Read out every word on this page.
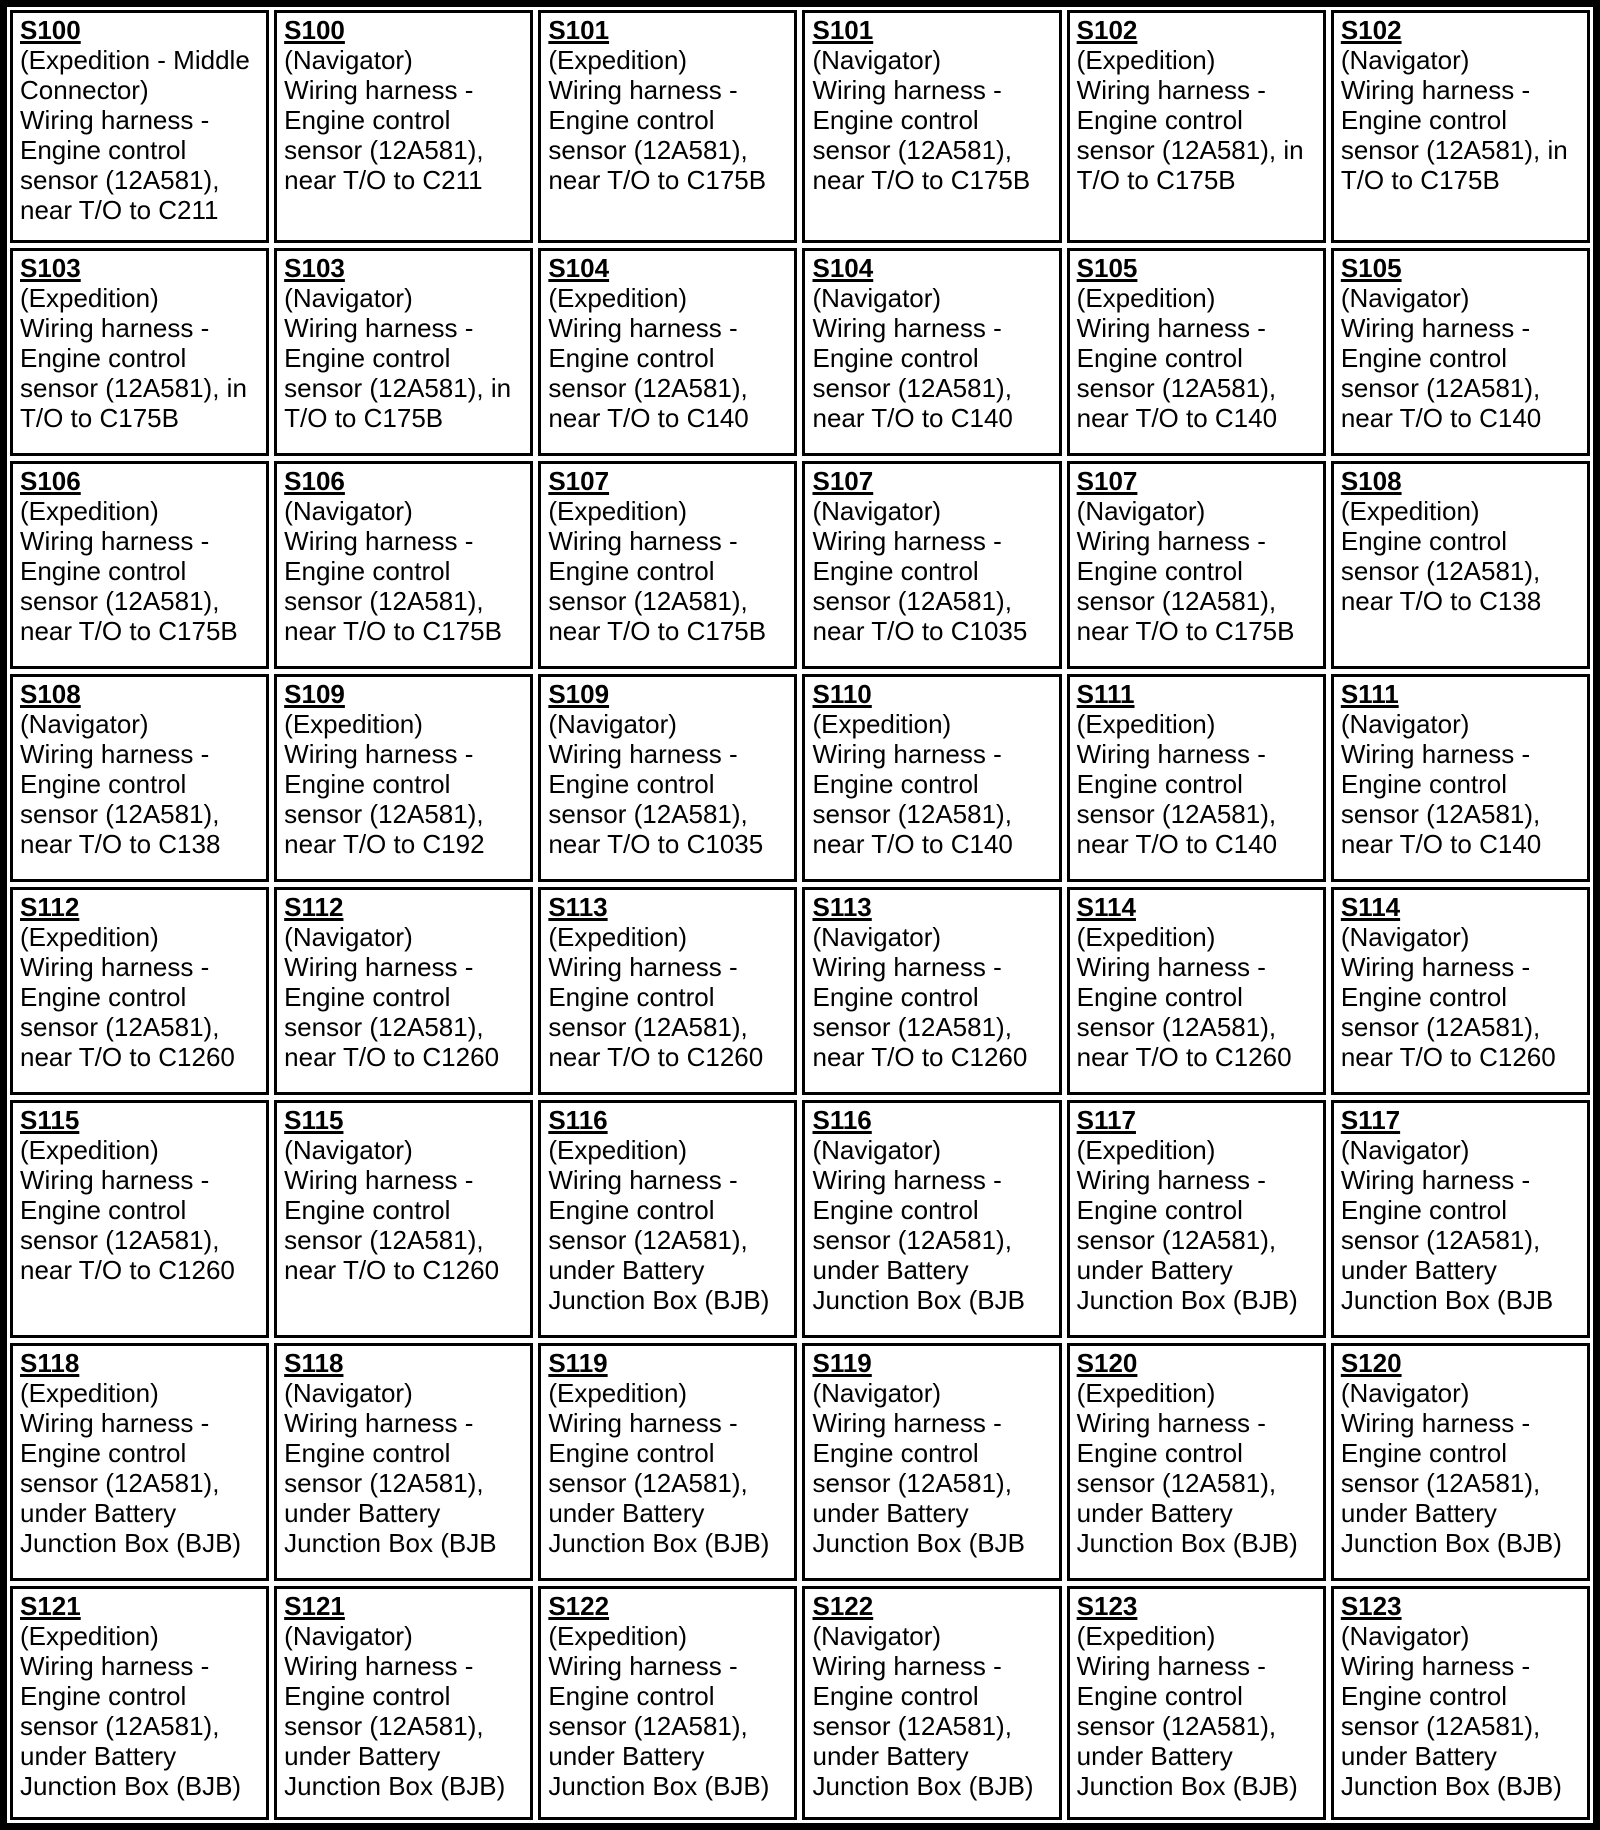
S100
(Expedition - Middle Connector)
Wiring harness - Engine control sensor (12A581), near T/O to C211
S100
(Navigator)
Wiring harness - Engine control sensor (12A581), near T/O to C211
S101
(Expedition)
Wiring harness - Engine control sensor (12A581), near T/O to C175B
S101
(Navigator)
Wiring harness - Engine control sensor (12A581), near T/O to C175B
S102
(Expedition)
Wiring harness - Engine control sensor (12A581), in T/O to C175B
S102
(Navigator)
Wiring harness - Engine control sensor (12A581), in T/O to C175B
S103
(Expedition)
Wiring harness - Engine control sensor (12A581), in T/O to C175B
S103
(Navigator)
Wiring harness - Engine control sensor (12A581), in T/O to C175B
S104
(Expedition)
Wiring harness - Engine control sensor (12A581), near T/O to C140
S104
(Navigator)
Wiring harness - Engine control sensor (12A581), near T/O to C140
S105
(Expedition)
Wiring harness - Engine control sensor (12A581), near T/O to C140
S105
(Navigator)
Wiring harness - Engine control sensor (12A581), near T/O to C140
S106
(Expedition)
Wiring harness - Engine control sensor (12A581), near T/O to C175B
S106
(Navigator)
Wiring harness - Engine control sensor (12A581), near T/O to C175B
S107
(Expedition)
Wiring harness - Engine control sensor (12A581), near T/O to C175B
S107
(Navigator)
Wiring harness - Engine control sensor (12A581), near T/O to C1035
S107
(Navigator)
Wiring harness - Engine control sensor (12A581), near T/O to C175B
S108
(Expedition)
Engine control sensor (12A581), near T/O to C138
S108
(Navigator)
Wiring harness - Engine control sensor (12A581), near T/O to C138
S109
(Expedition)
Wiring harness - Engine control sensor (12A581), near T/O to C192
S109
(Navigator)
Wiring harness - Engine control sensor (12A581), near T/O to C1035
S110
(Expedition)
Wiring harness - Engine control sensor (12A581), near T/O to C140
S111
(Expedition)
Wiring harness - Engine control sensor (12A581), near T/O to C140
S111
(Navigator)
Wiring harness - Engine control sensor (12A581), near T/O to C140
S112
(Expedition)
Wiring harness - Engine control sensor (12A581), near T/O to C1260
S112
(Navigator)
Wiring harness - Engine control sensor (12A581), near T/O to C1260
S113
(Expedition)
Wiring harness - Engine control sensor (12A581), near T/O to C1260
S113
(Navigator)
Wiring harness - Engine control sensor (12A581), near T/O to C1260
S114
(Expedition)
Wiring harness - Engine control sensor (12A581), near T/O to C1260
S114
(Navigator)
Wiring harness - Engine control sensor (12A581), near T/O to C1260
S115
(Expedition)
Wiring harness - Engine control sensor (12A581), near T/O to C1260
S115
(Navigator)
Wiring harness - Engine control sensor (12A581), near T/O to C1260
S116
(Expedition)
Wiring harness - Engine control sensor (12A581), under Battery Junction Box (BJB)
S116
(Navigator)
Wiring harness - Engine control sensor (12A581), under Battery Junction Box (BJB
S117
(Expedition)
Wiring harness - Engine control sensor (12A581), under Battery Junction Box (BJB)
S117
(Navigator)
Wiring harness - Engine control sensor (12A581), under Battery Junction Box (BJB
S118
(Expedition)
Wiring harness - Engine control sensor (12A581), under Battery Junction Box (BJB)
S118
(Navigator)
Wiring harness - Engine control sensor (12A581), under Battery Junction Box (BJB
S119
(Expedition)
Wiring harness - Engine control sensor (12A581), under Battery Junction Box (BJB)
S119
(Navigator)
Wiring harness - Engine control sensor (12A581), under Battery Junction Box (BJB
S120
(Expedition)
Wiring harness - Engine control sensor (12A581), under Battery Junction Box (BJB)
S120
(Navigator)
Wiring harness - Engine control sensor (12A581), under Battery Junction Box (BJB)
S121
(Expedition)
Wiring harness - Engine control sensor (12A581), under Battery Junction Box (BJB)
S121
(Navigator)
Wiring harness - Engine control sensor (12A581), under Battery Junction Box (BJB)
S122
(Expedition)
Wiring harness - Engine control sensor (12A581), under Battery Junction Box (BJB)
S122
(Navigator)
Wiring harness - Engine control sensor (12A581), under Battery Junction Box (BJB)
S123
(Expedition)
Wiring harness - Engine control sensor (12A581), under Battery Junction Box (BJB)
S123
(Navigator)
Wiring harness - Engine control sensor (12A581), under Battery Junction Box (BJB)
